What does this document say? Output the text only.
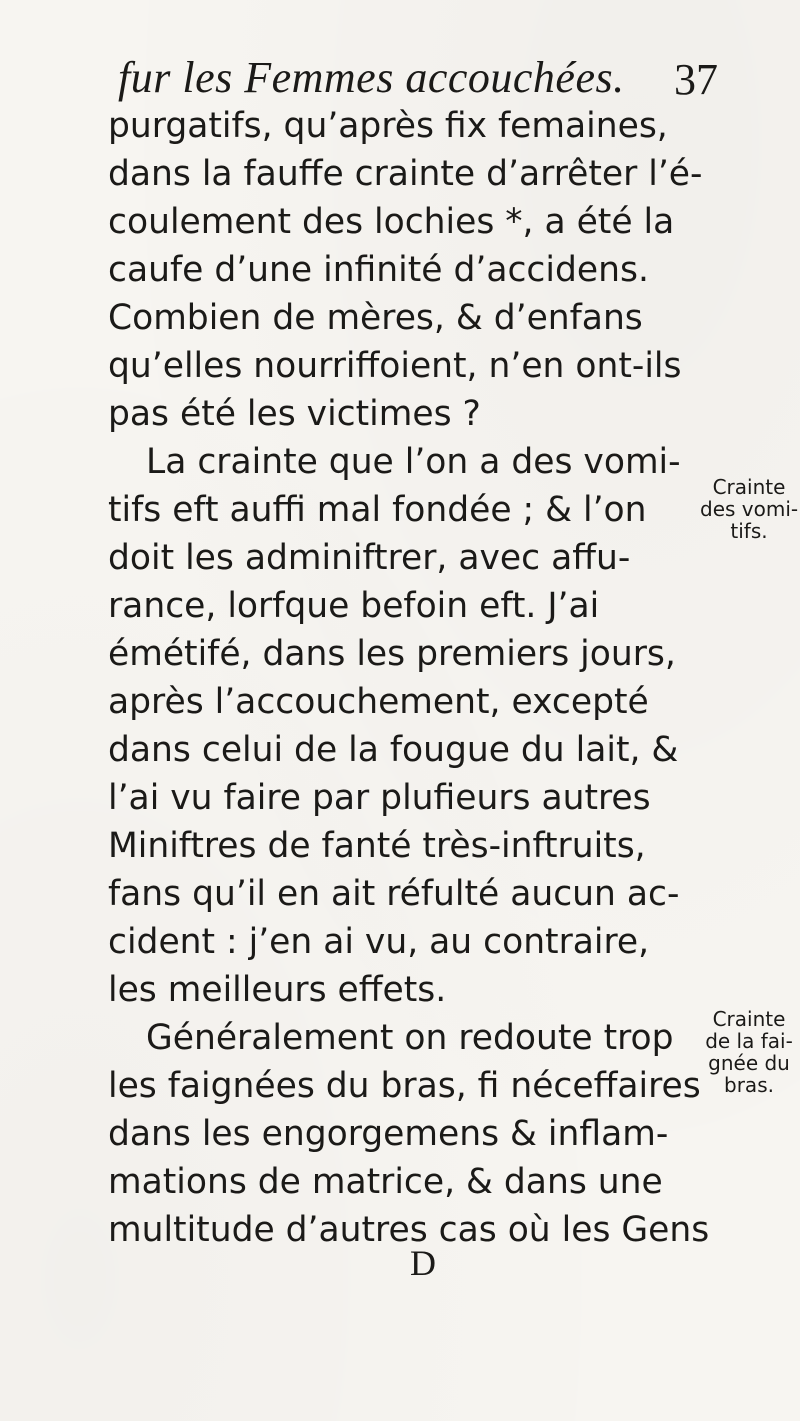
fur les Femmes accouchées. 37
purgatifs, qu’après fix femaines,
dans la fauffe crainte d’arrêter l’é-
coulement des lochies *, a été la
caufe d’une infinité d’accidens.
Combien de mères, & d’enfans
qu’elles nourriffoient, n’en ont-ils
pas été les victimes ?
La crainte que l’on a des vomi-
tifs eft auffi mal fondée ; & l’on
doit les adminiftrer, avec affu-
rance, lorfque befoin eft. J’ai
émétifé, dans les premiers jours,
après l’accouchement, excepté
dans celui de la fougue du lait, &
l’ai vu faire par plufieurs autres
Miniftres de fanté très-inftruits,
fans qu’il en ait réfulté aucun ac-
cident : j’en ai vu, au contraire,
les meilleurs effets.
Généralement on redoute trop
les faignées du bras, fi néceffaires
dans les engorgemens & inflam-
mations de matrice, & dans une
multitude d’autres cas où les Gens
Crainte
des vomi-
tifs.
Crainte
de la fai-
gnée du
bras.
D
